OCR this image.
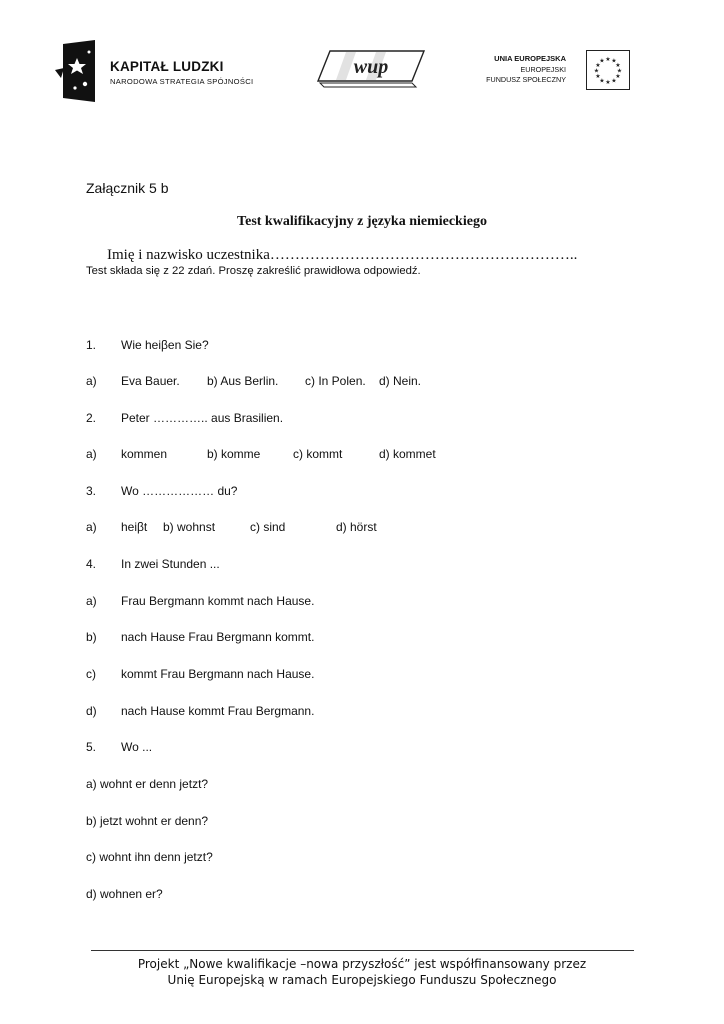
KAPITAŁ LUDZKI
NARODOWA STRATEGIA SPÓJNOŚCI
wup	UNIA EUROPEJSKA
EUROPEJSKI
FUNDUSZ SPOŁECZNY
★ ★
★
★
★
★
★
★
★
★
★
★
Załącznik 5 b
Test kwalifikacyjny z języka niemieckiego
Imię i nazwisko uczestnika……………………………………………………..
Test składa się z 22 zdań. Proszę zakreślić prawidłowa odpowiedź.
1. Wie heiβen Sie?
a) Eva Bauer. b) Aus Berlin. c) In Polen. d) Nein.
2. Peter ………….. aus Brasilien.
a) kommen	b) komme	c) kommt	d) kommet
3. Wo ……………… du?
a) heiβt b) wohnst	c) sind	d) hörst
4. In zwei Stunden ...
a) Frau Bergmann kommt nach Hause.
b) nach Hause Frau Bergmann kommt.
c) kommt Frau Bergmann nach Hause.
d) nach Hause kommt Frau Bergmann.
5. Wo ...
a) wohnt er denn jetzt?
b) jetzt wohnt er denn?
c) wohnt ihn denn jetzt?
d) wohnen er?
Projekt „Nowe kwalifikacje –nowa przyszłość” jest współfinansowany przez
Unię Europejską w ramach Europejskiego Funduszu Społecznego
